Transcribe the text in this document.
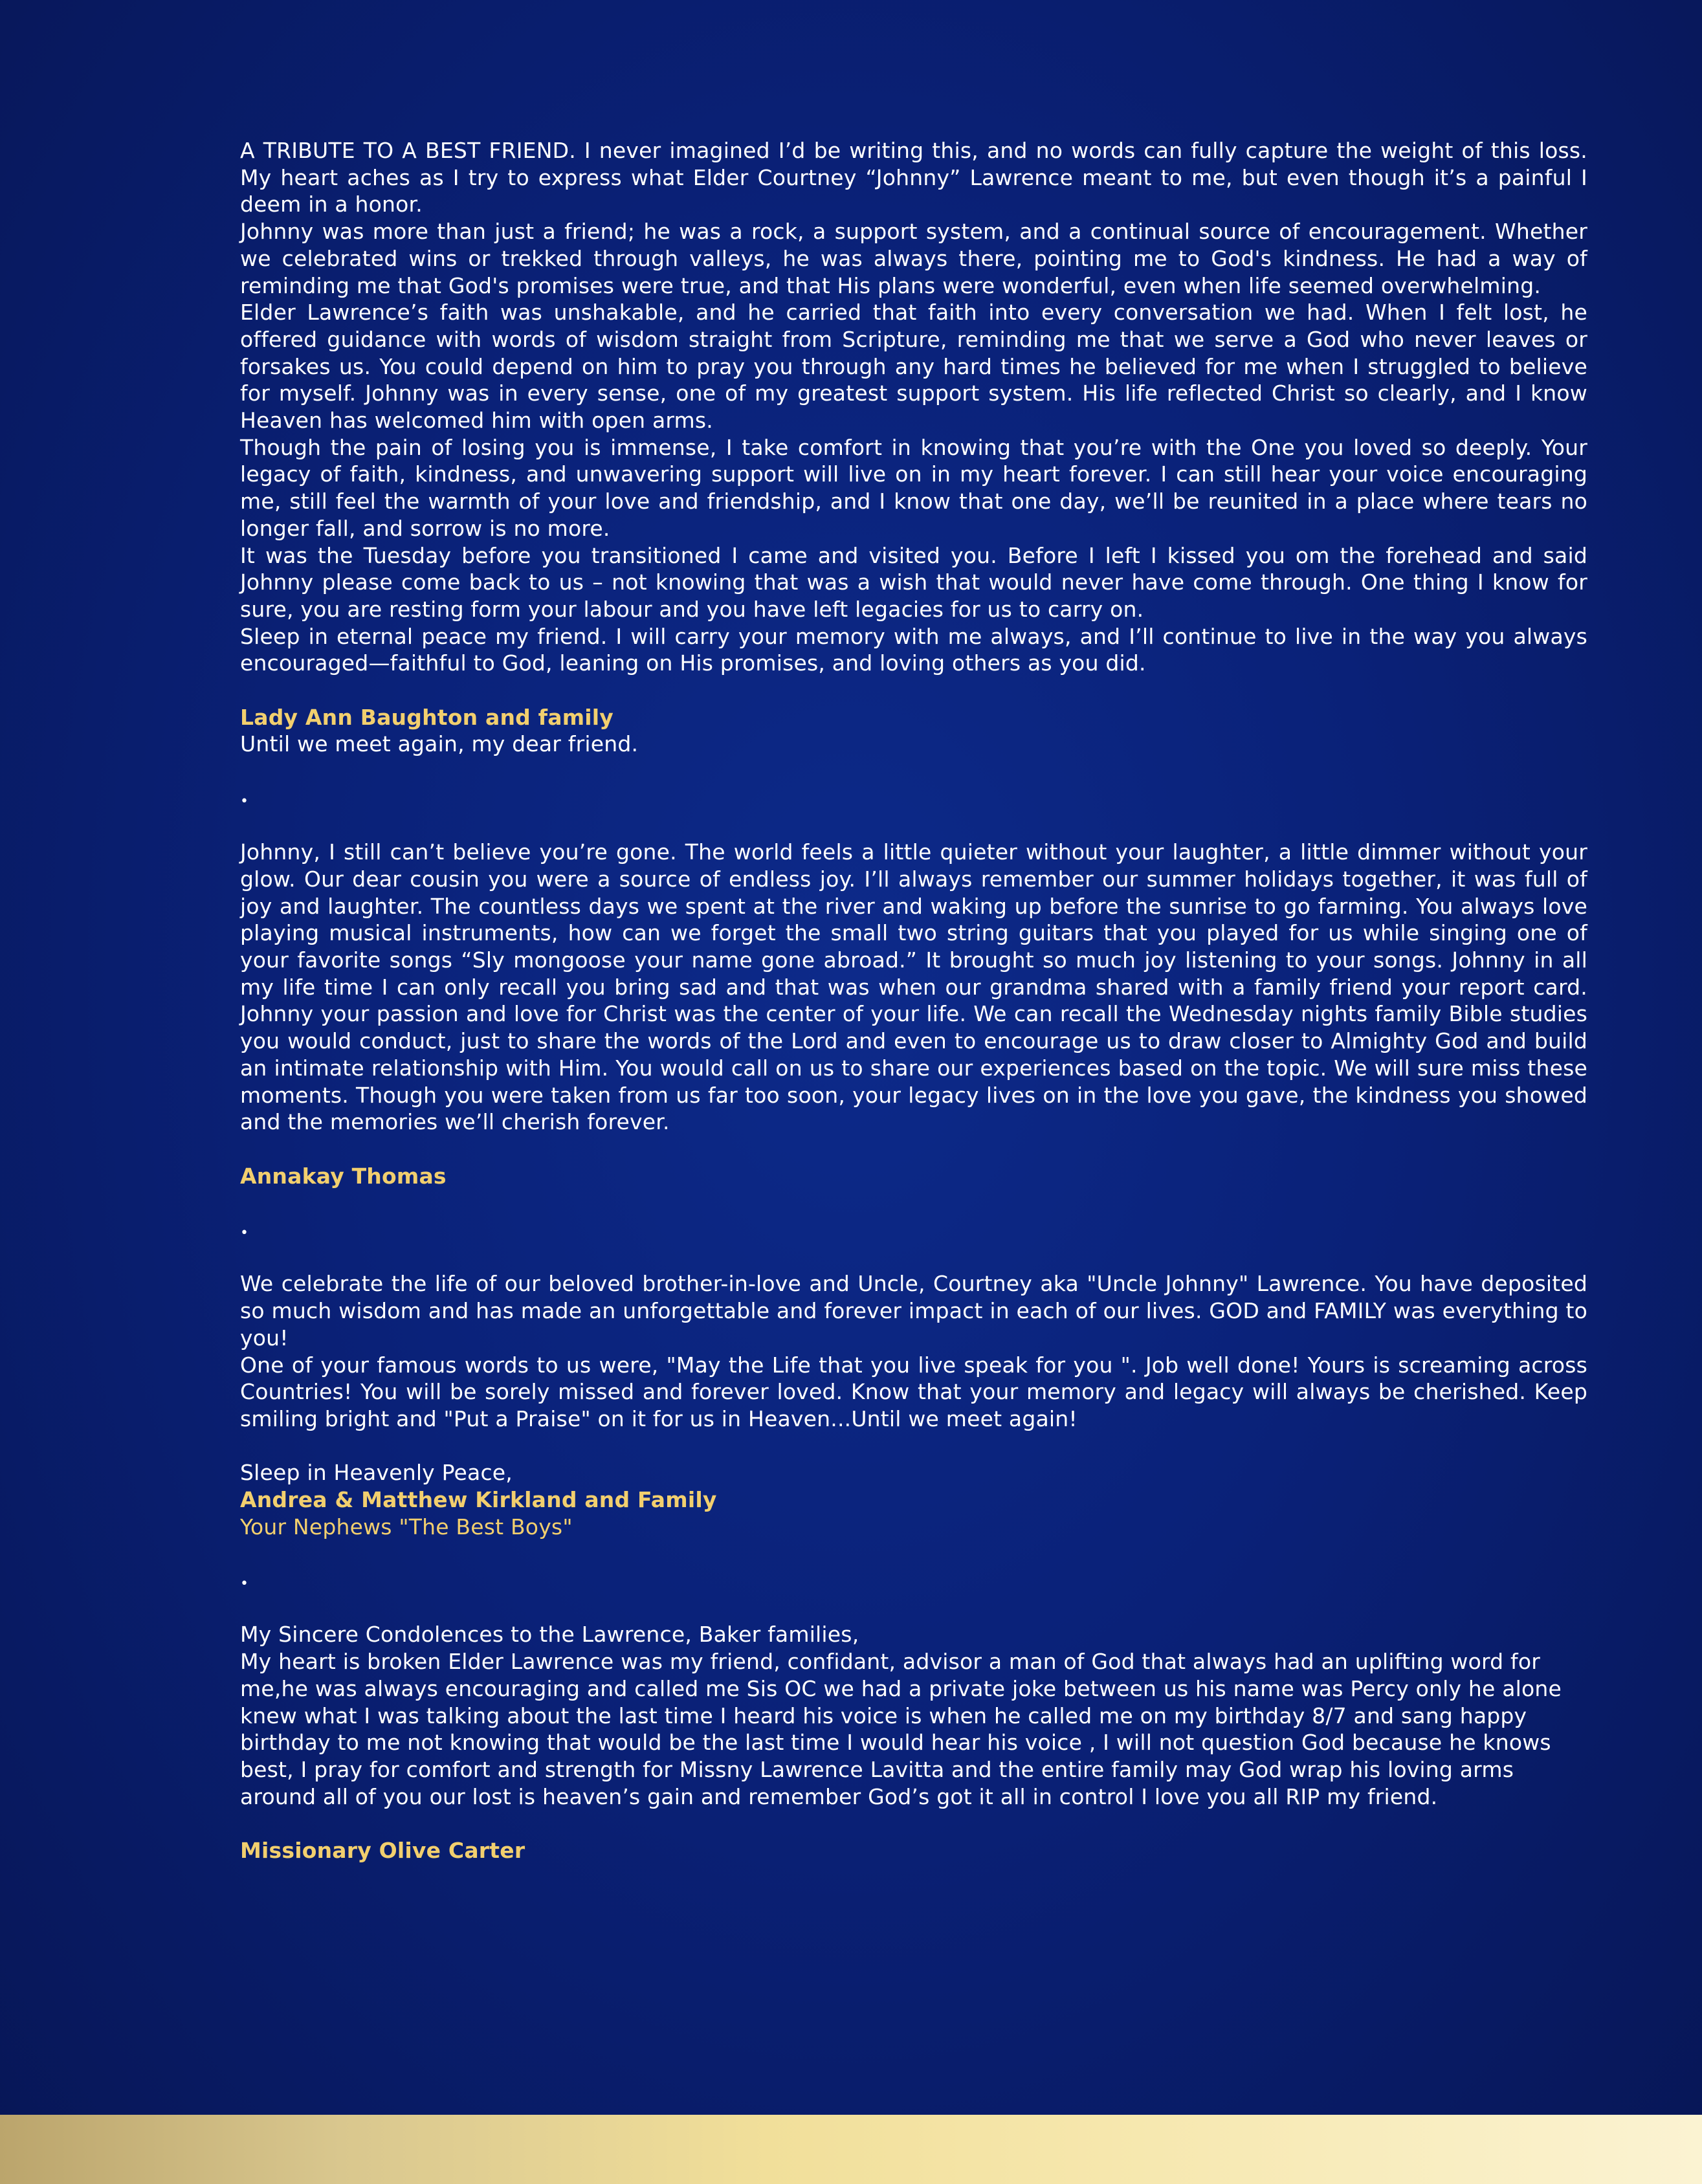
A TRIBUTE TO A BEST FRIEND. I never imagined I’d be writing this, and no words can fully capture the weight of this loss. My heart aches as I try to express what Elder Courtney “Johnny” Lawrence meant to me, but even though it’s a painful I deem in a honor.

Johnny was more than just a friend; he was a rock, a support system, and a continual source of encouragement. Whether we celebrated wins or trekked through valleys, he was always there, pointing me to God's kindness. He had a way of reminding me that God's promises were true, and that His plans were wonderful, even when life seemed overwhelming.

Elder Lawrence’s faith was unshakable, and he carried that faith into every conversation we had. When I felt lost, he offered guidance with words of wisdom straight from Scripture, reminding me that we serve a God who never leaves or forsakes us. You could depend on him to pray you through any hard times he believed for me when I struggled to believe for myself. Johnny was in every sense, one of my greatest support system. His life reflected Christ so clearly, and I know Heaven has welcomed him with open arms.

Though the pain of losing you is immense, I take comfort in knowing that you’re with the One you loved so deeply. Your legacy of faith, kindness, and unwavering support will live on in my heart forever. I can still hear your voice encouraging me, still feel the warmth of your love and friendship, and I know that one day, we’ll be reunited in a place where tears no longer fall, and sorrow is no more.

It was the Tuesday before you transitioned I came and visited you. Before I left I kissed you om the forehead and said Johnny please come back to us – not knowing that was a wish that would never have come through. One thing I know for sure, you are resting form your labour and you have left legacies for us to carry on.

Sleep in eternal peace my friend. I will carry your memory with me always, and I’ll continue to live in the way you always encouraged—faithful to God, leaning on His promises, and loving others as you did.

Lady Ann Baughton and family

Until we meet again, my dear friend.

•

Johnny, I still can’t believe you’re gone. The world feels a little quieter without your laughter, a little dimmer without your glow. Our dear cousin you were a source of endless joy. I’ll always remember our summer holidays together, it was full of joy and laughter. The countless days we spent at the river and waking up before the sunrise to go farming. You always love playing musical instruments, how can we forget the small two string guitars that you played for us while singing one of your favorite songs “Sly mongoose your name gone abroad.” It brought so much joy listening to your songs. Johnny in all my life time I can only recall you bring sad and that was when our grandma shared with a family friend your report card. Johnny your passion and love for Christ was the center of your life. We can recall the Wednesday nights family Bible studies you would conduct, just to share the words of the Lord and even to encourage us to draw closer to Almighty God and build an intimate relationship with Him. You would call on us to share our experiences based on the topic. We will sure miss these moments. Though you were taken from us far too soon, your legacy lives on in the love you gave, the kindness you showed and the memories we’ll cherish forever.

Annakay Thomas

•

We celebrate the life of our beloved brother-in-love and Uncle, Courtney aka "Uncle Johnny" Lawrence. You have deposited so much wisdom and has made an unforgettable and forever impact in each of our lives. GOD and FAMILY was everything to you!

One of your famous words to us were, "May the Life that you live speak for you ". Job well done! Yours is screaming across Countries! You will be sorely missed and forever loved. Know that your memory and legacy will always be cherished. Keep smiling bright and "Put a Praise" on it for us in Heaven...Until we meet again!

Sleep in Heavenly Peace,

Andrea & Matthew Kirkland and Family

Your Nephews "The Best Boys"

•

My Sincere Condolences to the Lawrence, Baker families,

My heart is broken Elder Lawrence was my friend, confidant, advisor a man of God that always had an uplifting word for me,he was always encouraging and called me Sis OC we had a private joke between us his name was Percy only he alone knew what I was talking about the last time I heard his voice is when he called me on my birthday 8/7 and sang happy birthday to me not knowing that would be the last time I would hear his voice , I will not question God because he knows best, I pray for comfort and strength for Missny Lawrence Lavitta and the entire family may God wrap his loving arms around all of you our lost is heaven’s gain and remember God’s got it all in control I love you all RIP my friend.

Missionary Olive Carter
